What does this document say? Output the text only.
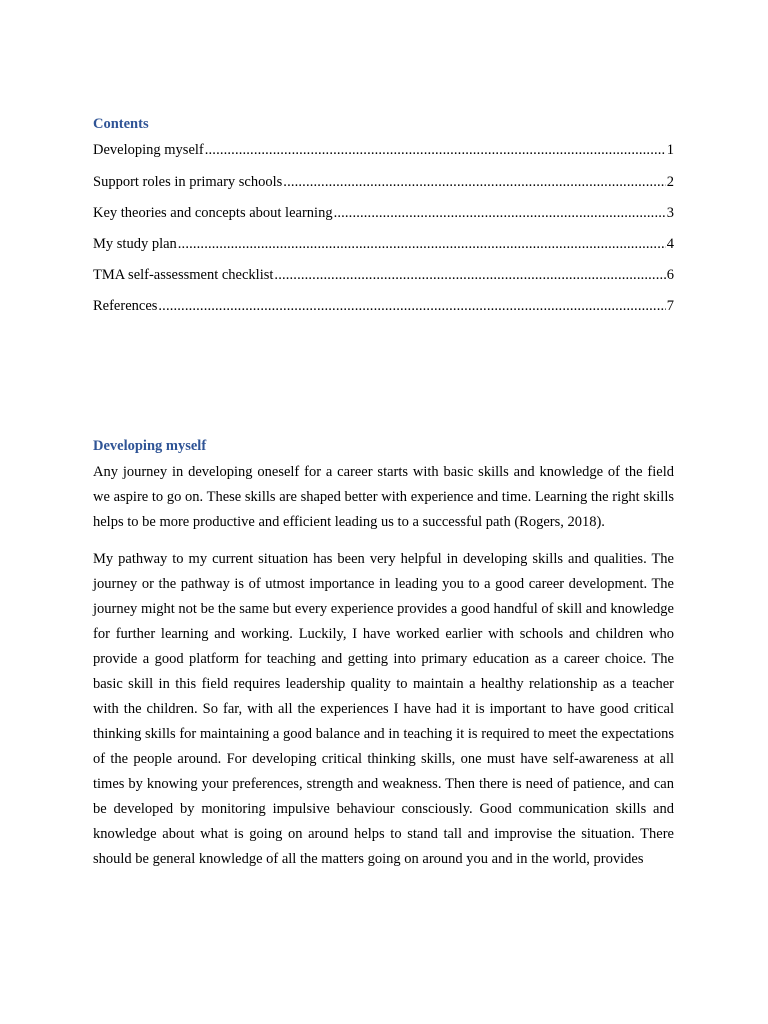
Contents
Developing myself .....	1
Support roles in primary schools .....	2
Key theories and concepts about learning .....	3
My study plan .....	4
TMA self-assessment checklist .....	6
References .....	7
Developing myself

Any journey in developing oneself for a career starts with basic skills and knowledge of the field we aspire to go on. These skills are shaped better with experience and time. Learning the right skills helps to be more productive and efficient leading us to a successful path (Rogers, 2018).

My pathway to my current situation has been very helpful in developing skills and qualities. The journey or the pathway is of utmost importance in leading you to a good career development. The journey might not be the same but every experience provides a good handful of skill and knowledge for further learning and working. Luckily, I have worked earlier with schools and children who provide a good platform for teaching and getting into primary education as a career choice. The basic skill in this field requires leadership quality to maintain a healthy relationship as a teacher with the children. So far, with all the experiences I have had it is important to have good critical thinking skills for maintaining a good balance and in teaching it is required to meet the expectations of the people around. For developing critical thinking skills, one must have self-awareness at all times by knowing your preferences, strength and weakness. Then there is need of patience, and can be developed by monitoring impulsive behaviour consciously. Good communication skills and knowledge about what is going on around helps to stand tall and improvise the situation. There should be general knowledge of all the matters going on around you and in the world, provides
